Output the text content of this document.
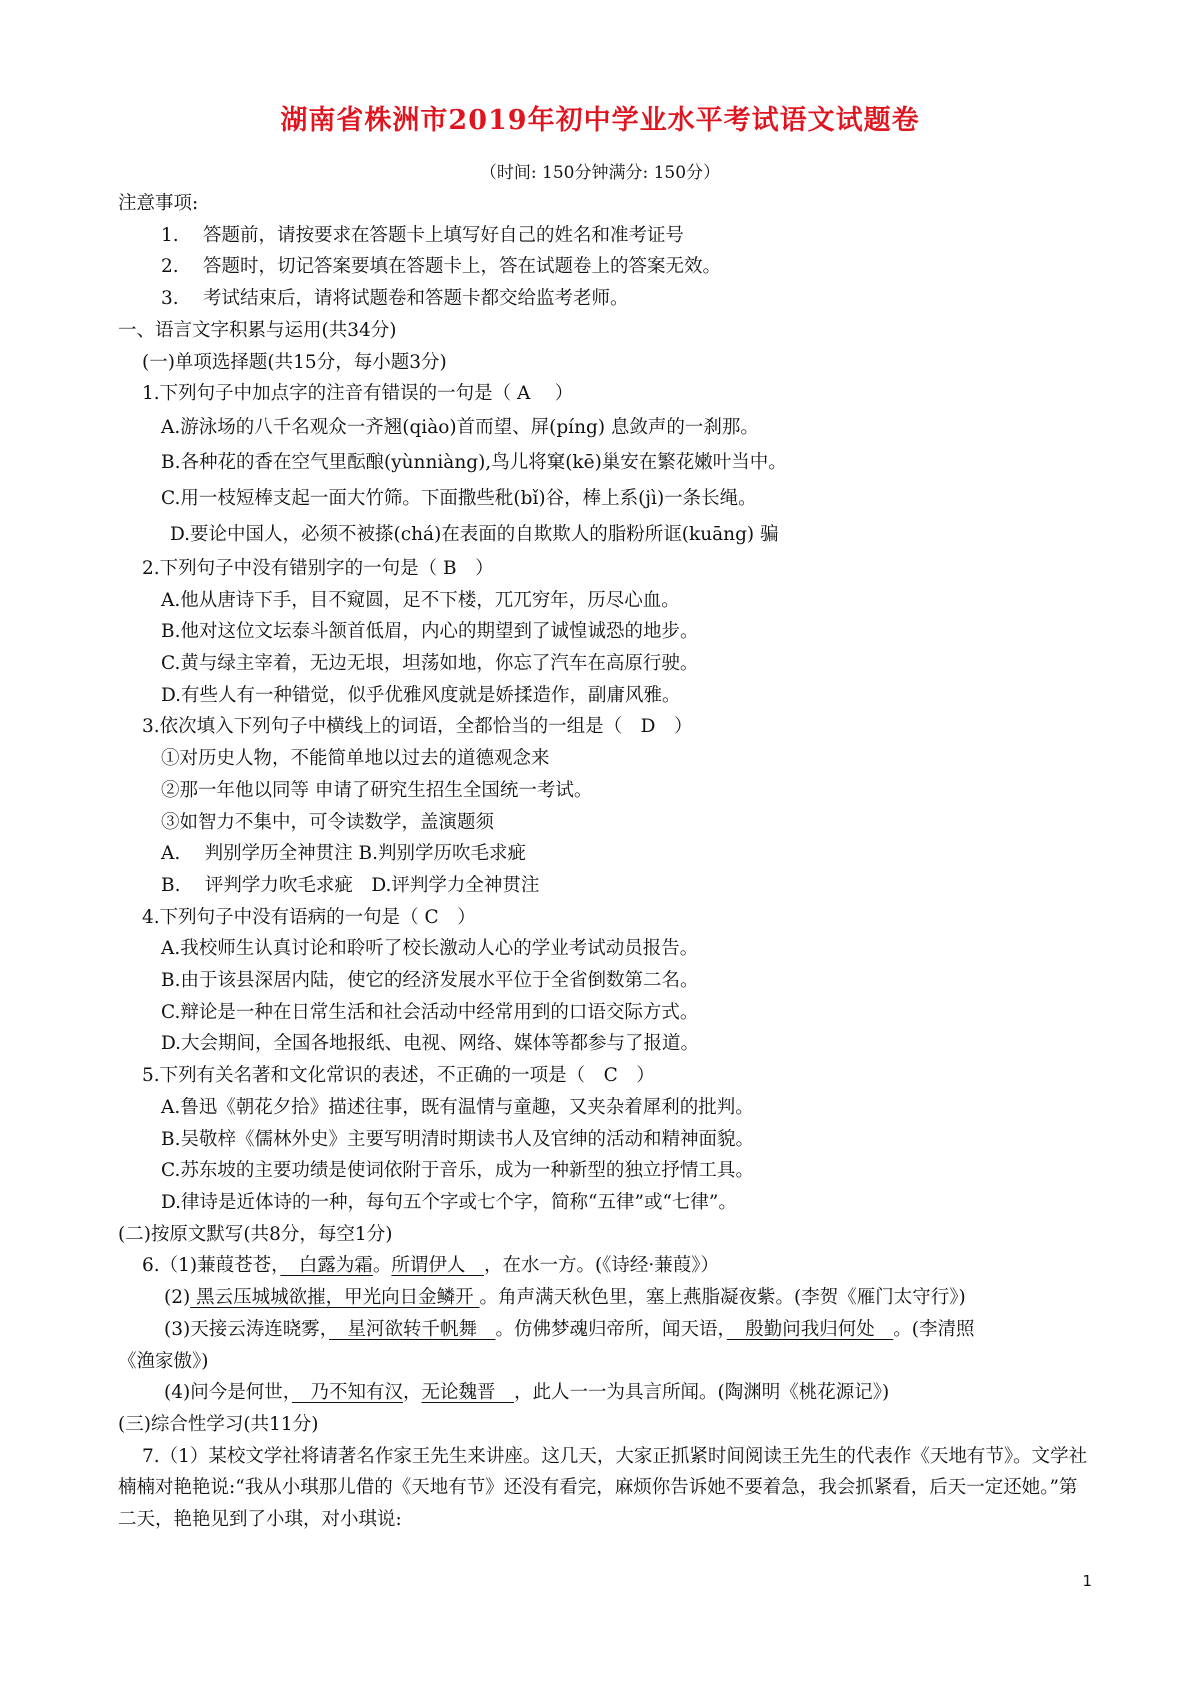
湖南省株洲市2019年初中学业水平考试语文试题卷
（时间: 150分钟满分: 150分）
注意事项:
1.　 答题前，请按要求在答题卡上填写好自己的姓名和准考证号
2.　 答题时，切记答案要填在答题卡上，答在试题卷上的答案无效。
3.　 考试结束后，请将试题卷和答题卡都交给监考老师。
一、语言文字积累与运用(共34分)
(一)单项选择题(共15分，每小题3分)
1.下列句子中加点字的注音有错误的一句是（ A　 ）
A.游泳场的八千名观众一齐翘(qiào)首而望、屏(píng) 息敛声的一刹那。
B.各种花的香在空气里酝酿(yùnniàng),鸟儿将窠(kē)巢安在繁花嫩叶当中。
C.用一枝短棒支起一面大竹筛。下面撒些秕(bǐ)谷，棒上系(jì)一条长绳。
D.要论中国人，必须不被搽(chá)在表面的自欺欺人的脂粉所诓(kuāng) 骗
2.下列句子中没有错别字的一句是（ B　）
A.他从唐诗下手，目不窥圆，足不下楼，兀兀穷年，历尽心血。
B.他对这位文坛泰斗颔首低眉，内心的期望到了诚惶诚恐的地步。
C.黄与绿主宰着，无边无垠，坦荡如地，你忘了汽车在高原行驶。
D.有些人有一种错觉，似乎优雅风度就是娇揉造作，副庸风雅。
3.依次填入下列句子中横线上的词语，全都恰当的一组是（　D　）
①对历史人物，不能简单地以过去的道德观念来
②那一年他以同等 申请了研究生招生全国统一考试。
③如智力不集中，可令读数学，盖演题须
A.　 判别学历全神贯注 B.判别学历吹毛求疵
B.　 评判学力吹毛求疵　D.评判学力全神贯注
4.下列句子中没有语病的一句是（ C　）
A.我校师生认真讨论和聆听了校长激动人心的学业考试动员报告。
B.由于该县深居内陆，使它的经济发展水平位于全省倒数第二名。
C.辩论是一种在日常生活和社会活动中经常用到的口语交际方式。
D.大会期间，全国各地报纸、电视、网络、媒体等都参与了报道。
5.下列有关名著和文化常识的表述，不正确的一项是（　C　）
A.鲁迅《朝花夕拾》描述往事，既有温情与童趣，又夹杂着犀利的批判。
B.吴敬梓《儒林外史》主要写明清时期读书人及官绅的活动和精神面貌。
C.苏东坡的主要功绩是使词依附于音乐，成为一种新型的独立抒情工具。
D.律诗是近体诗的一种，每句五个字或七个字，简称“五律”或“七律”。
(二)按原文默写(共8分，每空1分)
6.（1)蒹葭苍苍，　白露为霜。所谓伊人　，在水一方。(《诗经·蒹葭》）
(2) 黑云压城城欲摧，甲光向日金鳞开 。角声满天秋色里，塞上燕脂凝夜紫。(李贺《雁门太守行》)
(3)天接云涛连晓雾，　星河欲转千帆舞　。仿佛梦魂归帝所，闻天语，　殷勤问我归何处　。(李清照
《渔家傲》)
(4)问今是何世，　乃不知有汉，无论魏晋　，此人一一为具言所闻。(陶渊明《桃花源记》)
(三)综合性学习(共11分)
7.（1）某校文学社将请著名作家王先生来讲座。这几天，大家正抓紧时间阅读王先生的代表作《天地有节》。文学社楠楠对艳艳说:“我从小琪那儿借的《天地有节》还没有看完，麻烦你告诉她不要着急，我会抓紧看，后天一定还她。”第二天，艳艳见到了小琪，对小琪说:
1
